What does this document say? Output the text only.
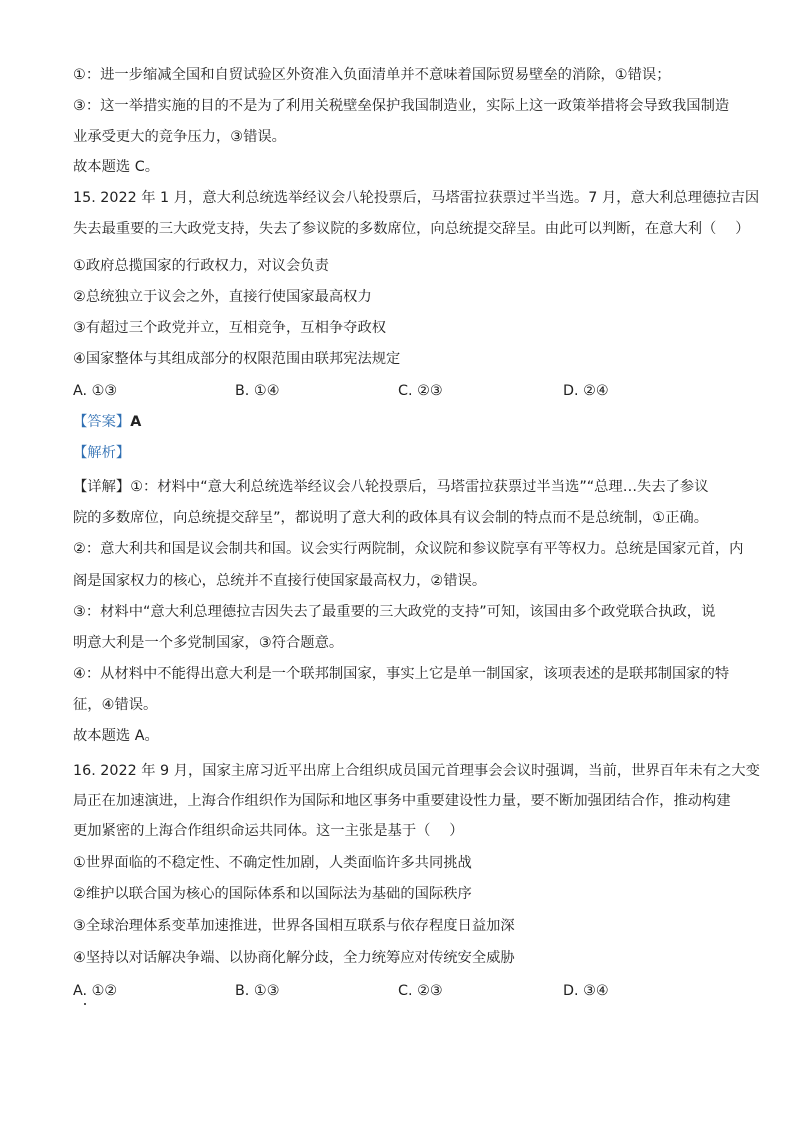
①：进一步缩减全国和自贸试验区外资准入负面清单并不意味着国际贸易壁垒的消除，①错误；
③：这一举措实施的目的不是为了利用关税壁垒保护我国制造业，实际上这一政策举措将会导致我国制造
业承受更大的竞争压力，③错误。
故本题选 C。
15. 2022 年 1 月，意大利总统选举经议会八轮投票后，马塔雷拉获票过半当选。7 月，意大利总理德拉吉因
失去最重要的三大政党支持，失去了参议院的多数席位，向总统提交辞呈。由此可以判断，在意大利（　 ）
①政府总揽国家的行政权力，对议会负责
②总统独立于议会之外，直接行使国家最高权力
③有超过三个政党并立，互相竞争，互相争夺政权
④国家整体与其组成部分的权限范围由联邦宪法规定
A. ①③	B. ①④	C. ②③	D. ②④
【答案】A
【解析】
【详解】①：材料中“意大利总统选举经议会八轮投票后，马塔雷拉获票过半当选”“总理…失去了参议
院的多数席位，向总统提交辞呈”，都说明了意大利的政体具有议会制的特点而不是总统制，①正确。
②：意大利共和国是议会制共和国。议会实行两院制，众议院和参议院享有平等权力。总统是国家元首，内
阁是国家权力的核心，总统并不直接行使国家最高权力，②错误。
③：材料中“意大利总理德拉吉因失去了最重要的三大政党的支持”可知，该国由多个政党联合执政，说
明意大利是一个多党制国家，③符合题意。
④：从材料中不能得出意大利是一个联邦制国家，事实上它是单一制国家，该项表述的是联邦制国家的特
征，④错误。
故本题选 A。
16. 2022 年 9 月，国家主席习近平出席上合组织成员国元首理事会会议时强调，当前，世界百年未有之大变
局正在加速演进，上海合作组织作为国际和地区事务中重要建设性力量，要不断加强团结合作，推动构建
更加紧密的上海合作组织命运共同体。这一主张是基于（　 ）
①世界面临的不稳定性、不确定性加剧，人类面临许多共同挑战
②维护以联合国为核心的国际体系和以国际法为基础的国际秩序
③全球治理体系变革加速推进，世界各国相互联系与依存程度日益加深
④坚持以对话解决争端、以协商化解分歧，全力统筹应对传统安全威胁
A. ①②	B. ①③	C. ②③	D. ③④
